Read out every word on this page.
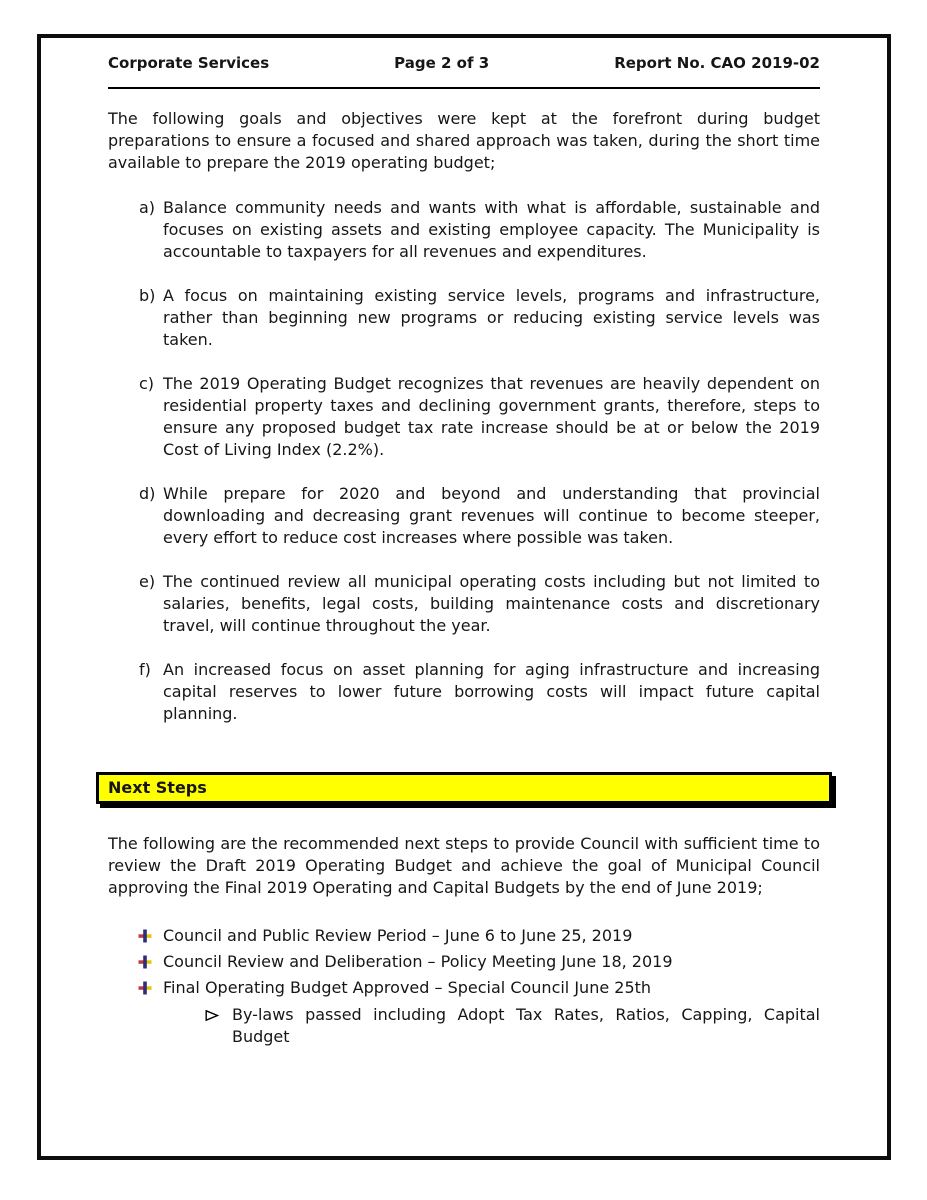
Corporate Services	Page 2 of 3	Report No. CAO 2019-02

The following goals and objectives were kept at the forefront during budget preparations to ensure a focused and shared approach was taken, during the short time available to prepare the 2019 operating budget;

a) Balance community needs and wants with what is affordable, sustainable and focuses on existing assets and existing employee capacity. The Municipality is accountable to taxpayers for all revenues and expenditures.
b) A focus on maintaining existing service levels, programs and infrastructure, rather than beginning new programs or reducing existing service levels was taken.
c) The 2019 Operating Budget recognizes that revenues are heavily dependent on residential property taxes and declining government grants, therefore, steps to ensure any proposed budget tax rate increase should be at or below the 2019 Cost of Living Index (2.2%).
d) While prepare for 2020 and beyond and understanding that provincial downloading and decreasing grant revenues will continue to become steeper, every effort to reduce cost increases where possible was taken.
e) The continued review all municipal operating costs including but not limited to salaries, benefits, legal costs, building maintenance costs and discretionary travel, will continue throughout the year.
f) An increased focus on asset planning for aging infrastructure and increasing capital reserves to lower future borrowing costs will impact future capital planning.
Next Steps

The following are the recommended next steps to provide Council with sufficient time to review the Draft 2019 Operating Budget and achieve the goal of Municipal Council approving the Final 2019 Operating and Capital Budgets by the end of June 2019;

Council and Public Review Period – June 6 to June 25, 2019
Council Review and Deliberation – Policy Meeting June 18, 2019
Final Operating Budget Approved – Special Council June 25th
By-laws passed including Adopt Tax Rates, Ratios, Capping, Capital Budget
